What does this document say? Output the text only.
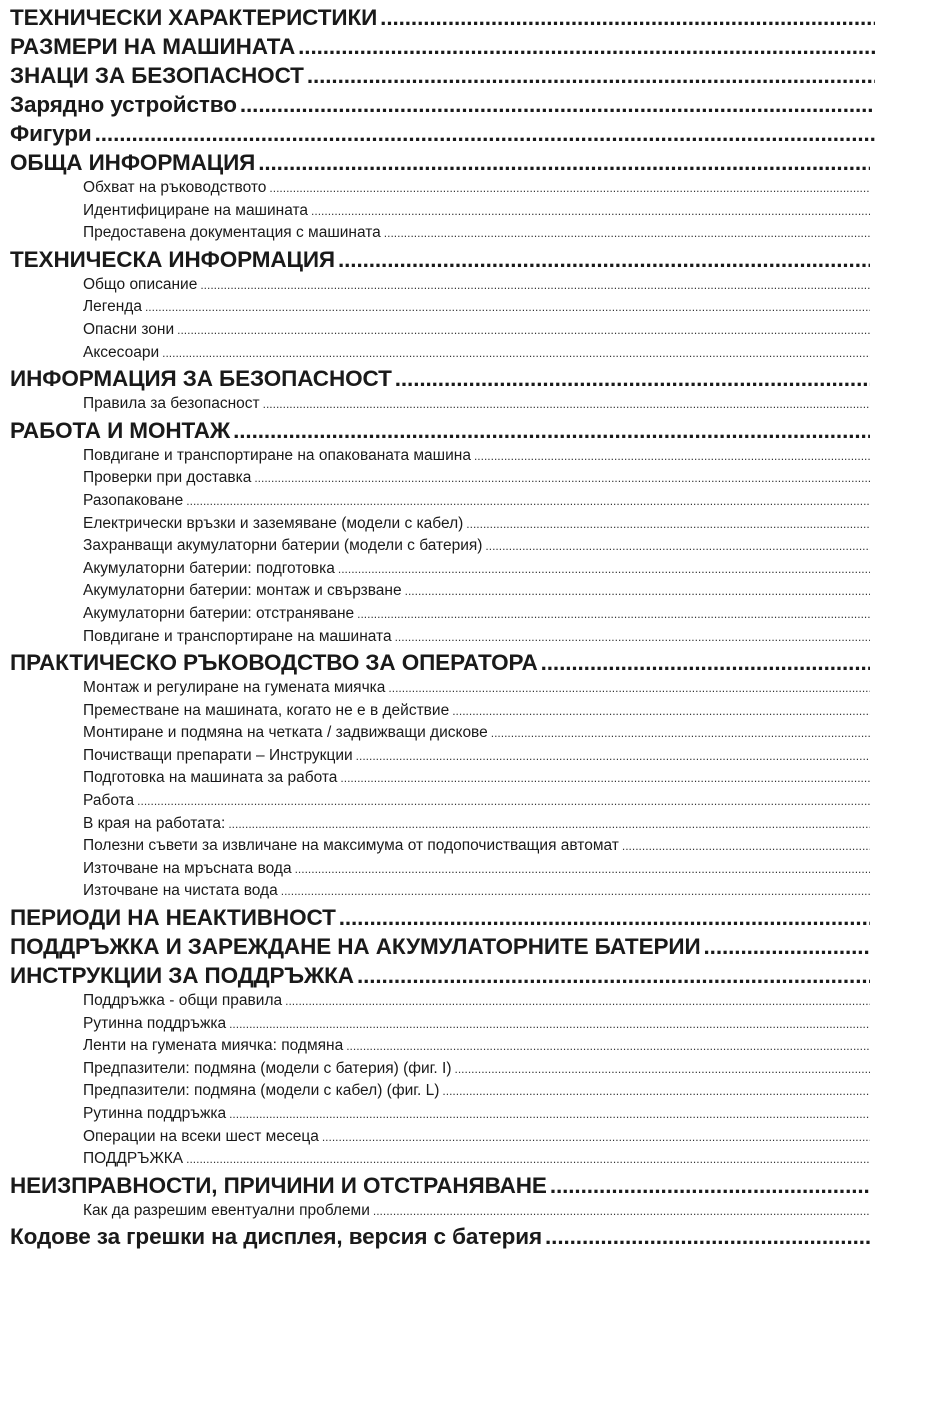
ТЕХНИЧЕСКИ ХАРАКТЕРИСТИКИ
.....
РАЗМЕРИ НА МАШИНАТА
.....
ЗНАЦИ ЗА БЕЗОПАСНОСТ
.....
Зарядно устройство
.....
Фигури
.....
ОБЩА ИНФОРМАЦИЯ
.....
Обхват на ръководството
.....
Идентифициране на машината
.....
Предоставена документация с машината
.....
ТЕХНИЧЕСКА ИНФОРМАЦИЯ
.....
Общо описание
.....
Легенда
.....
Опасни зони
.....
Аксесоари
.....
ИНФОРМАЦИЯ ЗА БЕЗОПАСНОСТ
.....
Правила за безопасност
.....
РАБОТА И МОНТАЖ
.....
Повдигане и транспортиране на опакованата машина
.....
Проверки при доставка
.....
Разопаковане
.....
Електрически връзки и заземяване (модели с кабел)
.....
Захранващи акумулаторни батерии (модели с батерия)
.....
Акумулаторни батерии: подготовка
.....
Акумулаторни батерии: монтаж и свързване
.....
Акумулаторни батерии: отстраняване
.....
Повдигане и транспортиране на машината
.....
ПРАКТИЧЕСКО РЪКОВОДСТВО ЗА ОПЕРАТОРА
.....
Монтаж и регулиране на гумената миячка
.....
Преместване на машината, когато не е в действие
.....
Монтиране и подмяна на четката / задвижващи дискове
.....
Почистващи препарати – Инструкции
.....
Подготовка на машината за работа
.....
Работа
.....
В края на работата:
.....
Полезни съвети за извличане на максимума от подопочистващия автомат
.....
Източване на мръсната вода
.....
Източване на чистата вода
.....
ПЕРИОДИ НА НЕАКТИВНОСТ
.....
ПОДДРЪЖКА И ЗАРЕЖДАНЕ НА АКУМУЛАТОРНИТЕ БАТЕРИИ
.....
ИНСТРУКЦИИ ЗА ПОДДРЪЖКА
.....
Поддръжка - общи правила
.....
Рутинна поддръжка
.....
Ленти на гумената миячка: подмяна
.....
Предпазители: подмяна (модели с батерия) (фиг. I)
.....
Предпазители: подмяна (модели с кабел) (фиг. L)
.....
Рутинна поддръжка
.....
Операции на всеки шест месеца
.....
ПОДДРЪЖКА
.....
НЕИЗПРАВНОСТИ, ПРИЧИНИ И ОТСТРАНЯВАНЕ
.....
Как да разрешим евентуални проблеми
.....
Кодове за грешки на дисплея, версия с батерия
.....
